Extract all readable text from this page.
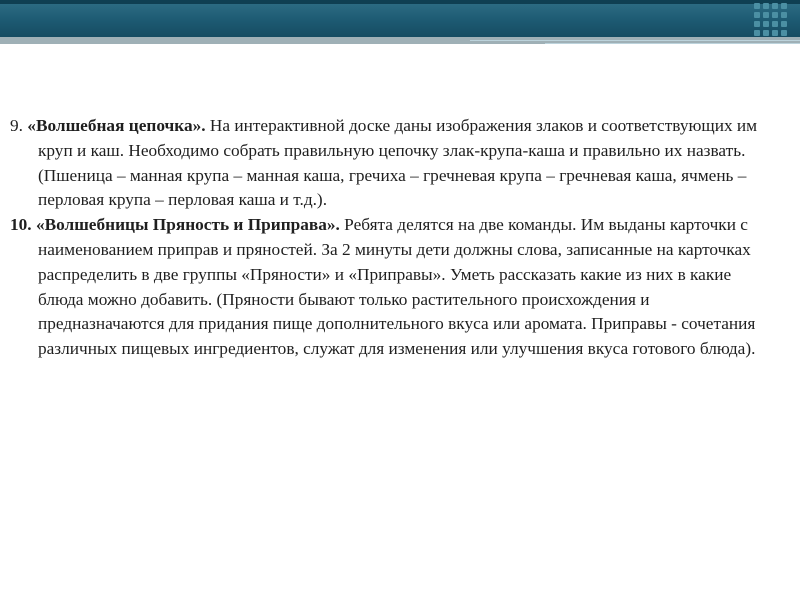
9. «Волшебная цепочка». На интерактивной доске даны изображения злаков и соответствующих им круп и каш. Необходимо собрать правильную цепочку злак-крупа-каша и правильно их назвать. (Пшеница – манная крупа – манная каша, гречиха – гречневая крупа – гречневая каша, ячмень – перловая крупа – перловая каша и т.д.).

10. «Волшебницы Пряность и Приправа». Ребята делятся на две команды. Им выданы карточки с наименованием приправ и пряностей. За 2 минуты дети должны слова, записанные на карточках распределить в две группы «Пряности» и «Приправы». Уметь рассказать какие из них в какие блюда можно добавить. (Пряности бывают только растительного происхождения и предназначаются для придания пище дополнительного вкуса или аромата. Приправы - сочетания различных пищевых ингредиентов, служат для изменения или улучшения вкуса готового блюда).
